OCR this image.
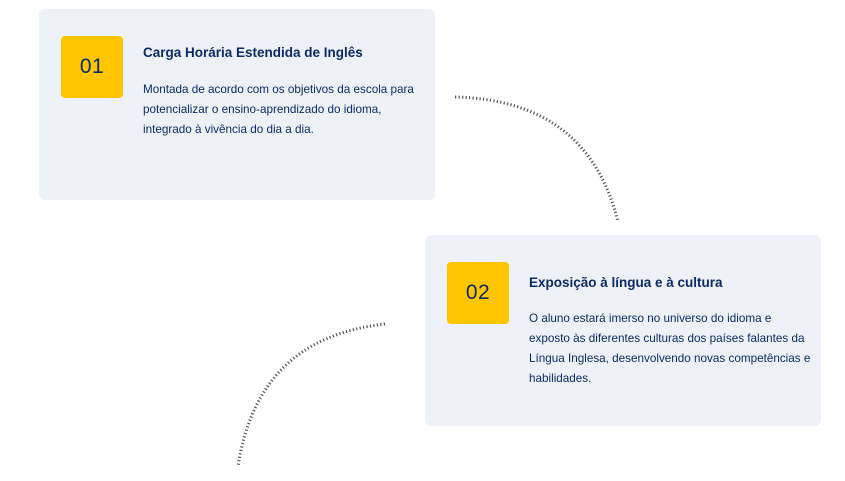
01
Carga Horária Estendida de Inglês

Montada de acordo com os objetivos da escola para potencializar o ensino-aprendizado do idioma, integrado à vivência do dia a dia.

02	Exposição à língua e à cultura

O aluno estará imerso no universo do idioma e exposto às diferentes culturas dos países falantes da Língua Inglesa, desenvolvendo novas competências e habilidades.
